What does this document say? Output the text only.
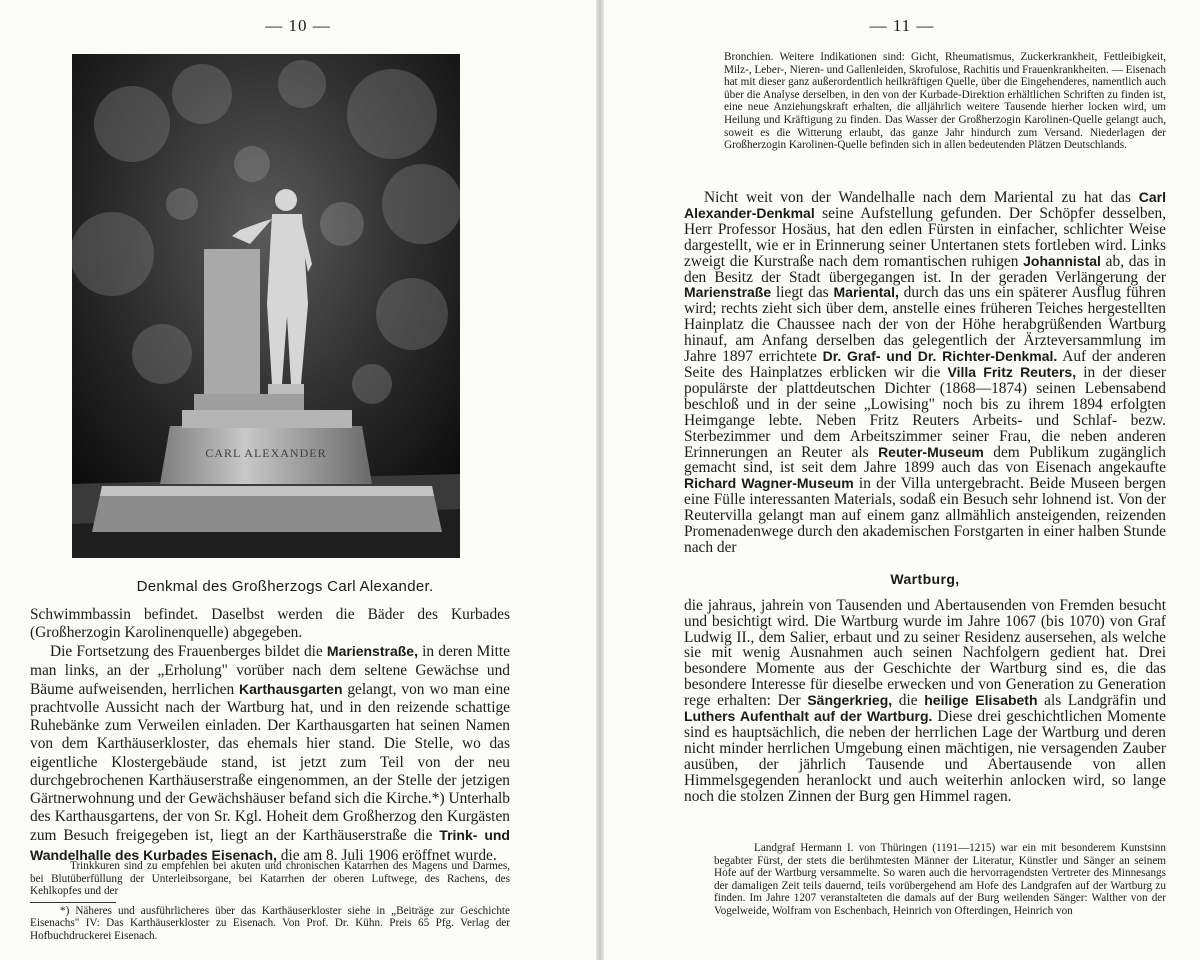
— 10 —
CARL ALEXANDER
Denkmal des Großherzogs Carl Alexander.

Schwimmbassin befindet. Daselbst werden die Bäder des Kurbades (Großherzogin Karolinenquelle) abgegeben.

Die Fortsetzung des Frauenberges bildet die Marienstraße, in deren Mitte man links, an der „Erholung" vorüber nach dem seltene Gewächse und Bäume aufweisenden, herrlichen Karthausgarten gelangt, von wo man eine prachtvolle Aussicht nach der Wartburg hat, und in den reizende schattige Ruhebänke zum Verweilen einladen. Der Karthausgarten hat seinen Namen von dem Karthäuserkloster, das ehemals hier stand. Die Stelle, wo das eigentliche Klostergebäude stand, ist jetzt zum Teil von der neu durchgebrochenen Karthäuserstraße eingenommen, an der Stelle der jetzigen Gärtnerwohnung und der Gewächshäuser befand sich die Kirche.*) Unterhalb des Karthausgartens, der von Sr. Kgl. Hoheit dem Großherzog den Kurgästen zum Besuch freigegeben ist, liegt an der Karthäuserstraße die Trink- und Wandelhalle des Kurbades Eisenach, die am 8. Juli 1906 eröffnet wurde.

Trinkkuren sind zu empfehlen bei akuten und chronischen Katarrhen des Magens und Darmes, bei Blutüberfüllung der Unterleibsorgane, bei Katarrhen der oberen Luftwege, des Rachens, des Kehlkopfes und der
*) Näheres und ausführlicheres über das Karthäuserkloster siehe in „Beiträge zur Geschichte Eisenachs" IV: Das Karthäuserkloster zu Eisenach. Von Prof. Dr. Kühn. Preis 65 Pfg. Verlag der Hofbuchdruckerei Eisenach.
— 11 —
Bronchien. Weitere Indikationen sind: Gicht, Rheumatismus, Zuckerkrankheit, Fettleibigkeit, Milz-, Leber-, Nieren- und Gallenleiden, Skrofulose, Rachitis und Frauenkrankheiten. — Eisenach hat mit dieser ganz außerordentlich heilkräftigen Quelle, über die Eingehenderes, namentlich auch über die Analyse derselben, in den von der Kurbade-Direktion erhältlichen Schriften zu finden ist, eine neue Anziehungskraft erhalten, die alljährlich weitere Tausende hierher locken wird, um Heilung und Kräftigung zu finden. Das Wasser der Großherzogin Karolinen-Quelle gelangt auch, soweit es die Witterung erlaubt, das ganze Jahr hindurch zum Versand. Niederlagen der Großherzogin Karolinen-Quelle befinden sich in allen bedeutenden Plätzen Deutschlands.

Nicht weit von der Wandelhalle nach dem Mariental zu hat das Carl Alexander-Denkmal seine Aufstellung gefunden. Der Schöpfer desselben, Herr Professor Hosäus, hat den edlen Fürsten in einfacher, schlichter Weise dargestellt, wie er in Erinnerung seiner Untertanen stets fortleben wird. Links zweigt die Kurstraße nach dem romantischen ruhigen Johannistal ab, das in den Besitz der Stadt übergegangen ist. In der geraden Verlängerung der Marienstraße liegt das Mariental, durch das uns ein späterer Ausflug führen wird; rechts zieht sich über dem, anstelle eines früheren Teiches hergestellten Hainplatz die Chaussee nach der von der Höhe herabgrüßenden Wartburg hinauf, am Anfang derselben das gelegentlich der Ärzteversammlung im Jahre 1897 errichtete Dr. Graf- und Dr. Richter-Denkmal. Auf der anderen Seite des Hainplatzes erblicken wir die Villa Fritz Reuters, in der dieser populärste der plattdeutschen Dichter (1868—1874) seinen Lebensabend beschloß und in der seine „Lowising" noch bis zu ihrem 1894 erfolgten Heimgange lebte. Neben Fritz Reuters Arbeits- und Schlaf- bezw. Sterbezimmer und dem Arbeitszimmer seiner Frau, die neben anderen Erinnerungen an Reuter als Reuter-Museum dem Publikum zugänglich gemacht sind, ist seit dem Jahre 1899 auch das von Eisenach angekaufte Richard Wagner-Museum in der Villa untergebracht. Beide Museen bergen eine Fülle interessanten Materials, sodaß ein Besuch sehr lohnend ist. Von der Reutervilla gelangt man auf einem ganz allmählich ansteigenden, reizenden Promenadenwege durch den akademischen Forstgarten in einer halben Stunde nach der

Wartburg,

die jahraus, jahrein von Tausenden und Abertausenden von Fremden besucht und besichtigt wird. Die Wartburg wurde im Jahre 1067 (bis 1070) von Graf Ludwig II., dem Salier, erbaut und zu seiner Residenz ausersehen, als welche sie mit wenig Ausnahmen auch seinen Nachfolgern gedient hat. Drei besondere Momente aus der Geschichte der Wartburg sind es, die das besondere Interesse für dieselbe erwecken und von Generation zu Generation rege erhalten: Der Sängerkrieg, die heilige Elisabeth als Landgräfin und Luthers Aufenthalt auf der Wartburg. Diese drei geschichtlichen Momente sind es hauptsächlich, die neben der herrlichen Lage der Wartburg und deren nicht minder herrlichen Umgebung einen mächtigen, nie versagenden Zauber ausüben, der jährlich Tausende und Abertausende von allen Himmelsgegenden heranlockt und auch weiterhin anlocken wird, so lange noch die stolzen Zinnen der Burg gen Himmel ragen.

Landgraf Hermann I. von Thüringen (1191—1215) war ein mit besonderem Kunstsinn begabter Fürst, der stets die berühmtesten Männer der Literatur, Künstler und Sänger an seinem Hofe auf der Wartburg versammelte. So waren auch die hervorragendsten Vertreter des Minnesangs der damaligen Zeit teils dauernd, teils vorübergehend am Hofe des Landgrafen auf der Wartburg zu finden. Im Jahre 1207 veranstalteten die damals auf der Burg weilenden Sänger: Walther von der Vogelweide, Wolfram von Eschenbach, Heinrich von Ofterdingen, Heinrich von
